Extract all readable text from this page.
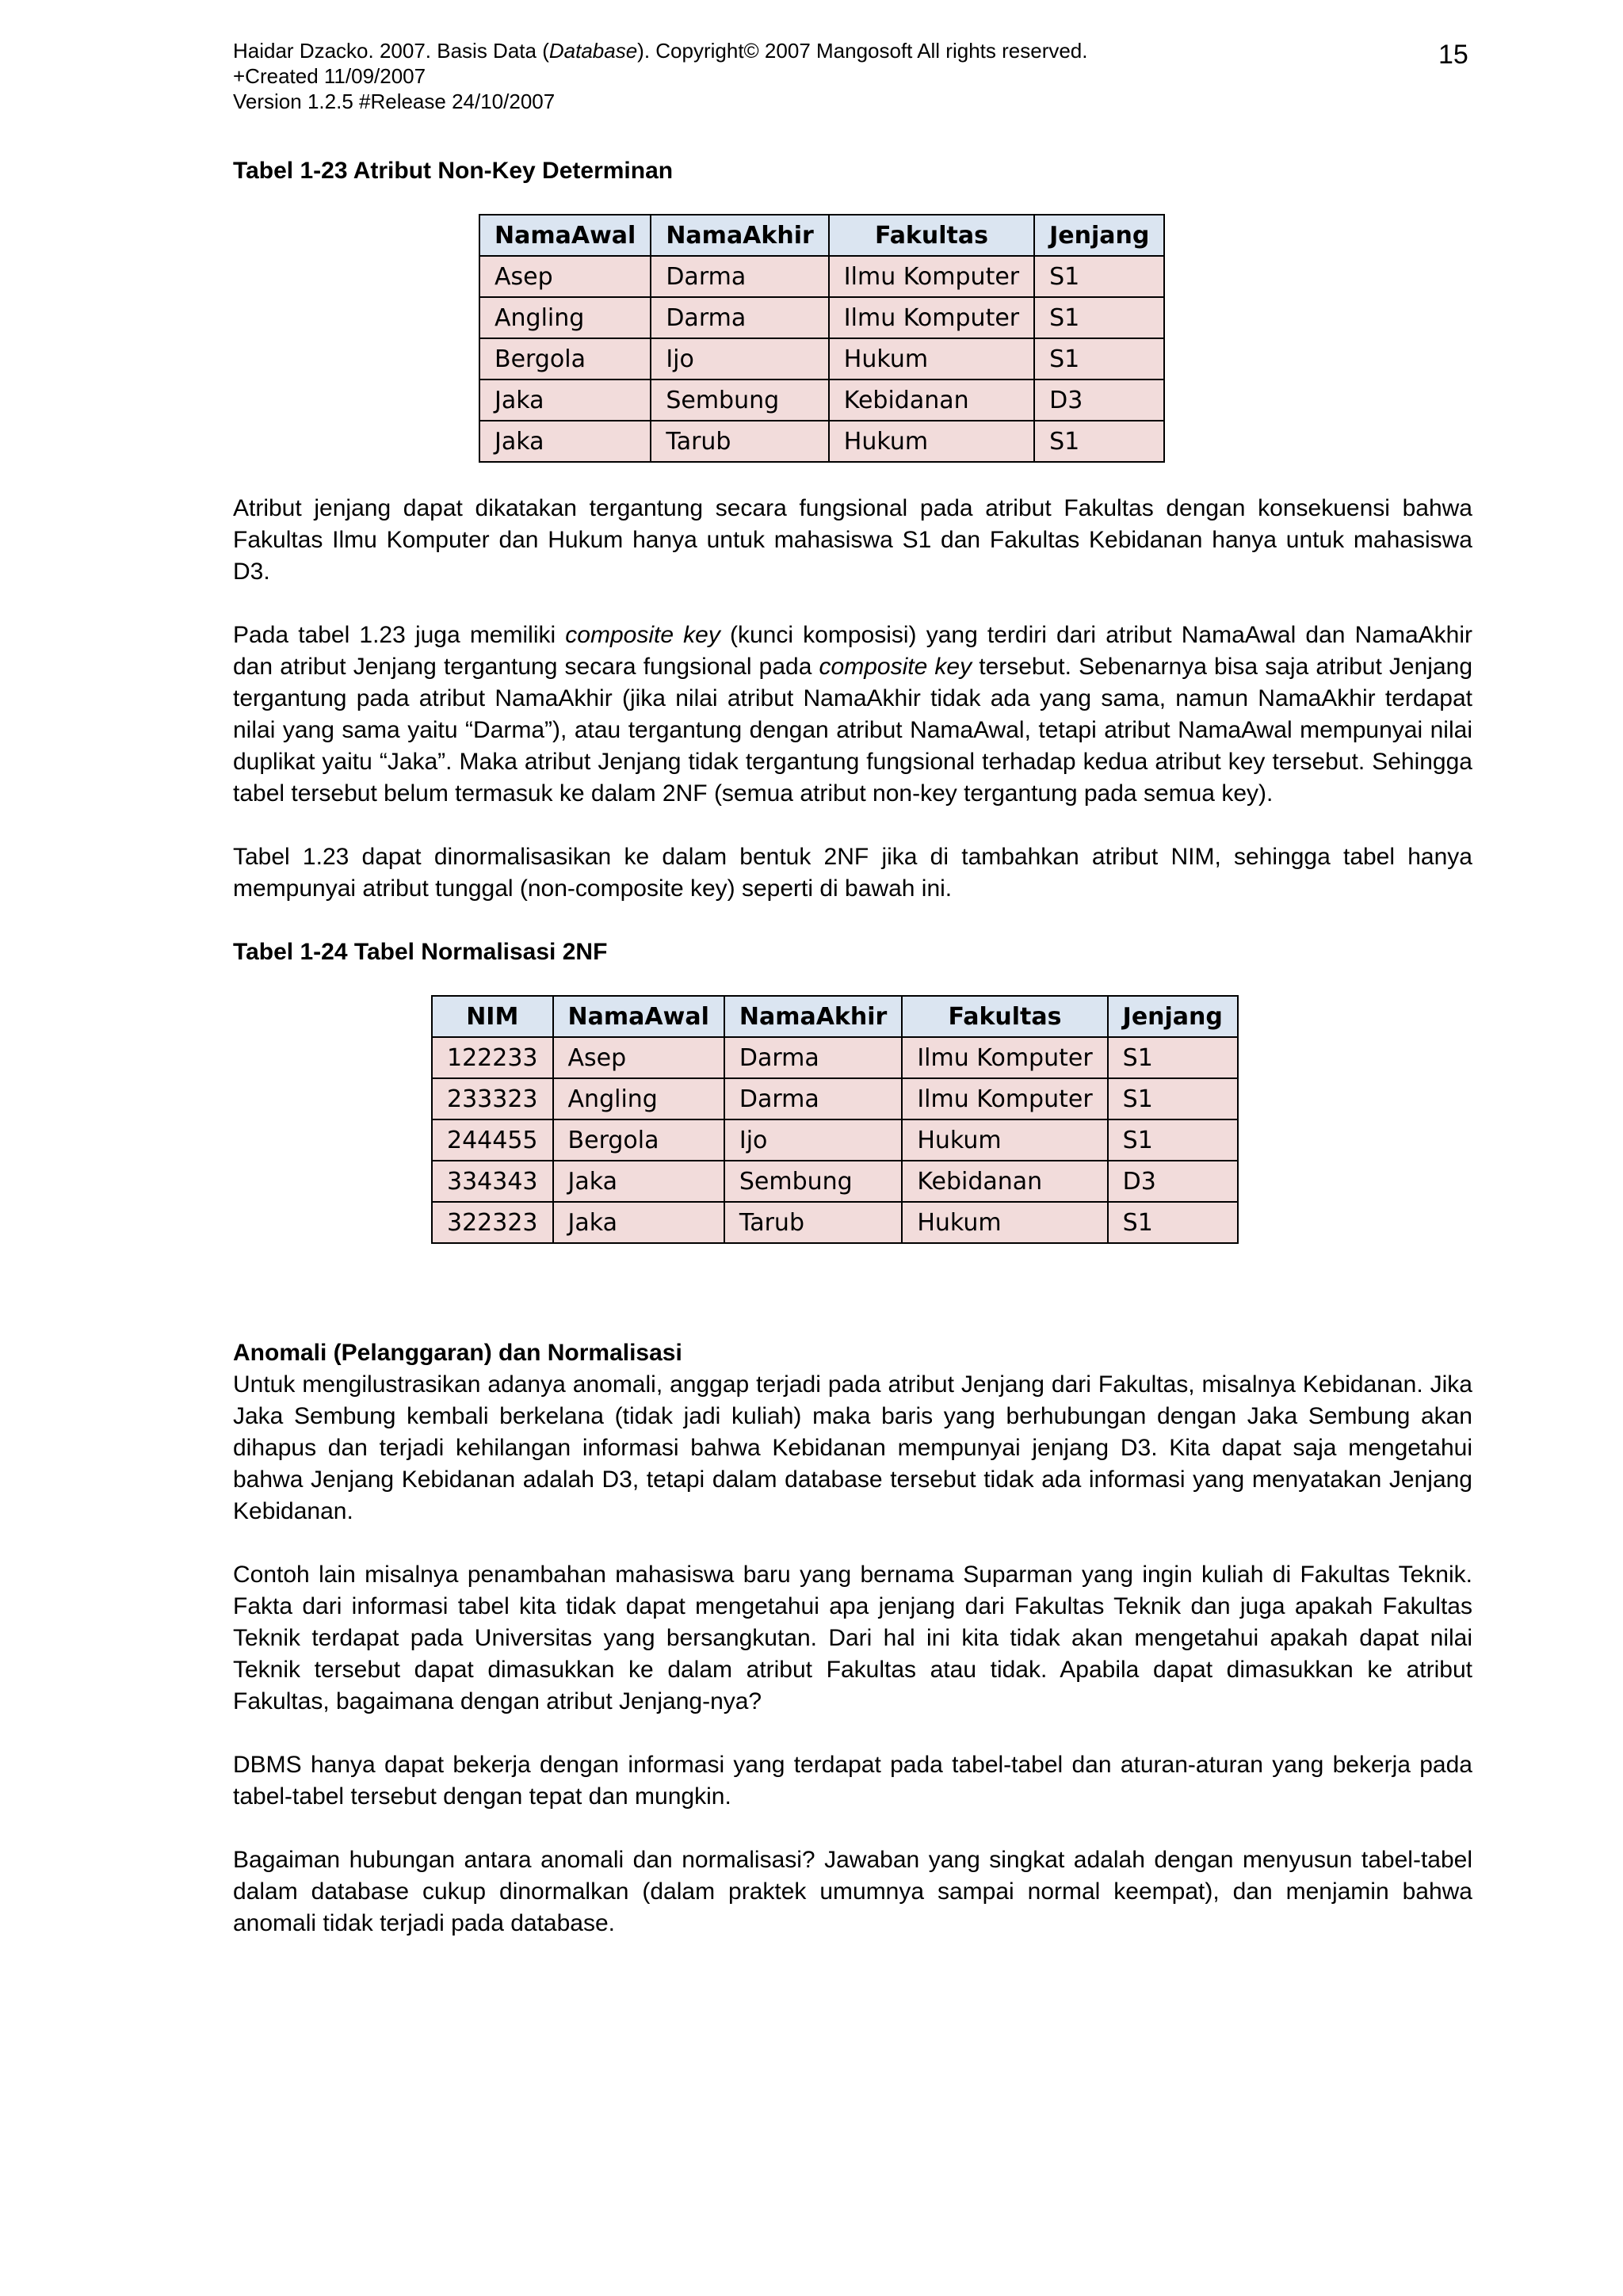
Haidar Dzacko. 2007. Basis Data (Database). Copyright© 2007 Mangosoft All rights reserved.
+Created 11/09/2007
Version 1.2.5 #Release 24/10/2007
15
Tabel 1-23 Atribut Non-Key Determinan
NamaAwal	NamaAkhir	Fakultas	Jenjang
Asep	Darma	Ilmu Komputer	S1
Angling	Darma	Ilmu Komputer	S1
Bergola	Ijo	Hukum	S1
Jaka	Sembung	Kebidanan	D3
Jaka	Tarub	Hukum	S1

Atribut jenjang dapat dikatakan tergantung secara fungsional pada atribut Fakultas dengan konsekuensi bahwa Fakultas Ilmu Komputer dan Hukum hanya untuk mahasiswa S1 dan Fakultas Kebidanan hanya untuk mahasiswa D3.

Pada tabel 1.23 juga memiliki composite key (kunci komposisi) yang terdiri dari atribut NamaAwal dan NamaAkhir dan atribut Jenjang tergantung secara fungsional pada composite key tersebut. Sebenarnya bisa saja atribut Jenjang tergantung pada atribut NamaAkhir (jika nilai atribut NamaAkhir tidak ada yang sama, namun NamaAkhir terdapat nilai yang sama yaitu “Darma”), atau tergantung dengan atribut NamaAwal, tetapi atribut NamaAwal mempunyai nilai duplikat yaitu “Jaka”. Maka atribut Jenjang tidak tergantung fungsional terhadap kedua atribut key tersebut. Sehingga tabel tersebut belum termasuk ke dalam 2NF (semua atribut non-key tergantung pada semua key).

Tabel 1.23 dapat dinormalisasikan ke dalam bentuk 2NF jika di tambahkan atribut NIM, sehingga tabel hanya mempunyai atribut tunggal (non-composite key) seperti di bawah ini.

Tabel 1-24 Tabel Normalisasi 2NF
NIM	NamaAwal	NamaAkhir	Fakultas	Jenjang
122233	Asep	Darma	Ilmu Komputer	S1
233323	Angling	Darma	Ilmu Komputer	S1
244455	Bergola	Ijo	Hukum	S1
334343	Jaka	Sembung	Kebidanan	D3
322323	Jaka	Tarub	Hukum	S1
Anomali (Pelanggaran) dan Normalisasi

Untuk mengilustrasikan adanya anomali, anggap terjadi pada atribut Jenjang dari Fakultas, misalnya Kebidanan. Jika Jaka Sembung kembali berkelana (tidak jadi kuliah) maka baris yang berhubungan dengan Jaka Sembung akan dihapus dan terjadi kehilangan informasi bahwa Kebidanan mempunyai jenjang D3. Kita dapat saja mengetahui bahwa Jenjang Kebidanan adalah D3, tetapi dalam database tersebut tidak ada informasi yang menyatakan Jenjang Kebidanan.

Contoh lain misalnya penambahan mahasiswa baru yang bernama Suparman yang ingin kuliah di Fakultas Teknik. Fakta dari informasi tabel kita tidak dapat mengetahui apa jenjang dari Fakultas Teknik dan juga apakah Fakultas Teknik terdapat pada Universitas yang bersangkutan. Dari hal ini kita tidak akan mengetahui apakah dapat nilai Teknik tersebut dapat dimasukkan ke dalam atribut Fakultas atau tidak. Apabila dapat dimasukkan ke atribut Fakultas, bagaimana dengan atribut Jenjang-nya?

DBMS hanya dapat bekerja dengan informasi yang terdapat pada tabel-tabel dan aturan-aturan yang bekerja pada tabel-tabel tersebut dengan tepat dan mungkin.

Bagaiman hubungan antara anomali dan normalisasi? Jawaban yang singkat adalah dengan menyusun tabel-tabel dalam database cukup dinormalkan (dalam praktek umumnya sampai normal keempat), dan menjamin bahwa anomali tidak terjadi pada database.
